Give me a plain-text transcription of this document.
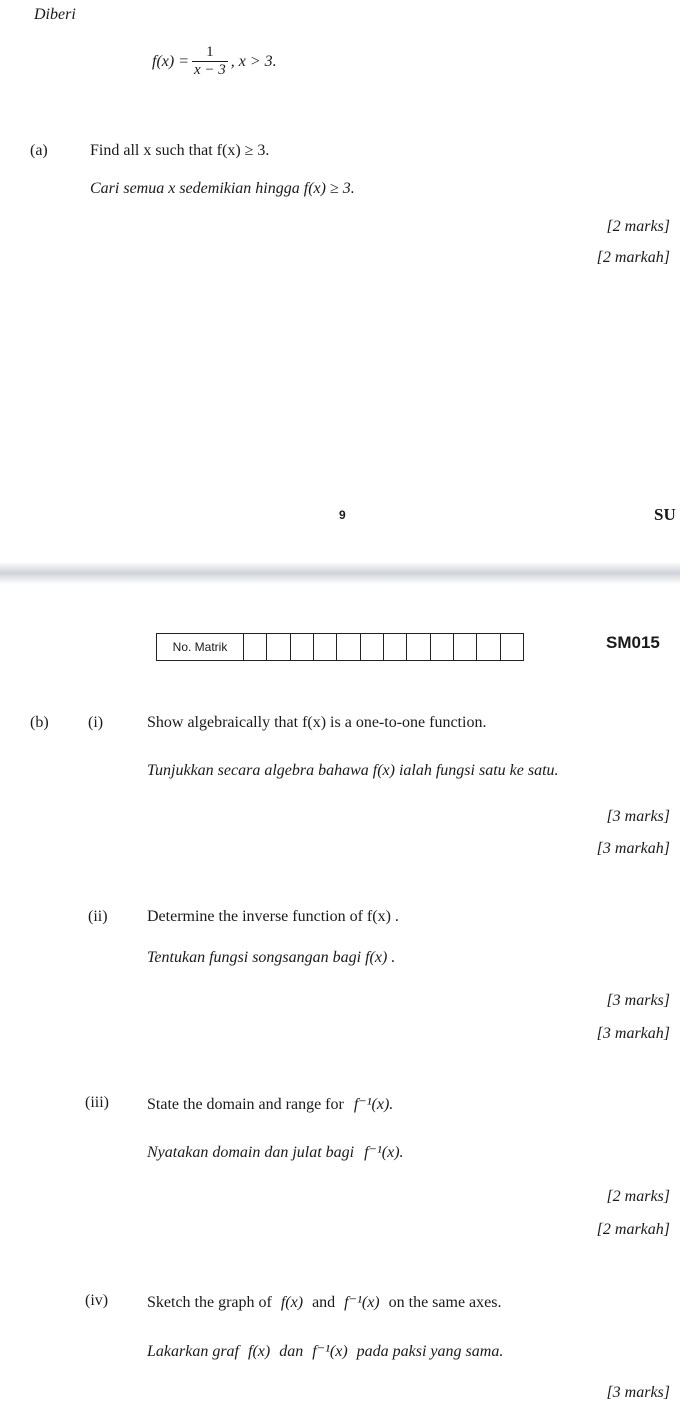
Diberi
$f(x) = \frac{1}{x - 3}$ , x > 3.
(a)	Find all x such that f(x) ≥ 3.
Cari semua x sedemikian hingga f(x) ≥ 3.
[2 marks]
[2 markah]
9	SU
No. Matrik	SM015
(b) (i)	Show algebraically that f(x) is a one-to-one function.
Tunjukkan secara algebra bahawa f(x) ialah fungsi satu ke satu.
[3 marks]
[3 markah]
(ii) Determine the inverse function of f(x) .
Tentukan fungsi songsangan bagi f(x) .
[3 marks]
[3 markah]
(iii) State the domain and range for f⁻¹(x).
Nyatakan domain dan julat bagi f⁻¹(x).
[2 marks]
[2 markah]
(iv) Sketch the graph of f(x) and f⁻¹(x) on the same axes.
Lakarkan graf f(x) dan f⁻¹(x) pada paksi yang sama.
[3 marks]
